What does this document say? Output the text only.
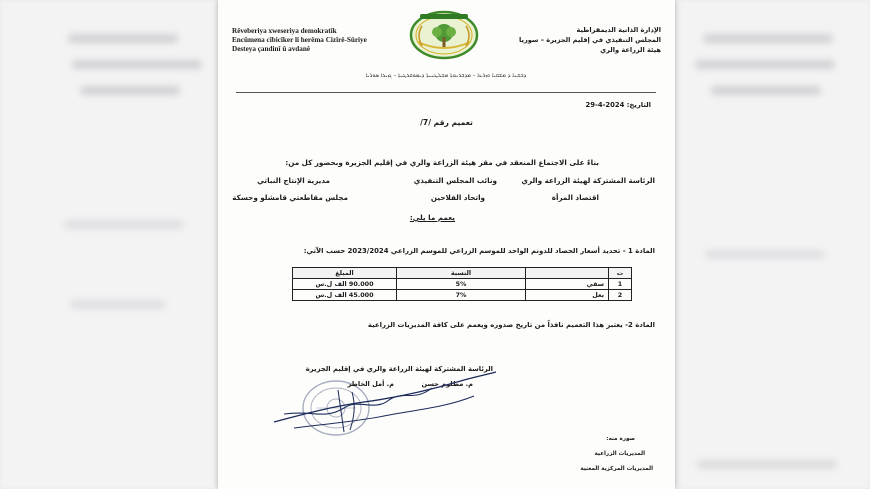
Rêveberiya xweseriya demokratîk
Encûmena cîbicîker li herêma Cizîrê-Sûriye
Desteya çandinî û avdanê
الإدارة الذاتية الديمقراطية
المجلس التنفيذي في إقليم الجزيرة – سوريا
هيئة الزراعة والري
ܕܒܫܢܐ ܕ ܡܫܩܝܐ ܘܙܪܥܐ – ܡܕܒܪܢܘܬܐ ܡܫܠܛܢܝܬܐ ܕܝܡܘܩܪܛܝܬܐ – ܓܙܝܪܐ ܣܘܪܝܐ
التاريخ: 2024-4-29
تعميم رقم /7/
بناءً على الاجتماع المنعقد في مقر هيئة الزراعة والري في إقليم الجزيرة وبحضور كل من:
الرئاسة المشتركة لهيئة الزراعة والري
ونائب المجلس التنفيذي
مديرية الإنتاج النباتي
اقتصاد المرأة
واتحاد الفلاحين
مجلس مقاطعتي قامشلو وحسكة
يعمم ما يلي:
المادة 1 - تحديد أسعار الحصاد للدونم الواحد للموسم الزراعي للموسم الزراعي 2023/2024 حسب الآتي:
ت		النسبة	المبلغ
1	سقي	5%	90.000 الف ل.س
2	بعل	7%	45.000 الف ل.س
المادة 2- يعتبر هذا التعميم نافذاً من تاريخ صدوره ويعمم على كافة المديريات الزراعية
الرئاسة المشتركة لهيئة الزراعة والري في إقليم الجزيرة
م. مطلوم حسن            م. أمل الخاطر
صورة منه:
المديريات الزراعية
المديريات المركزية المعنية
